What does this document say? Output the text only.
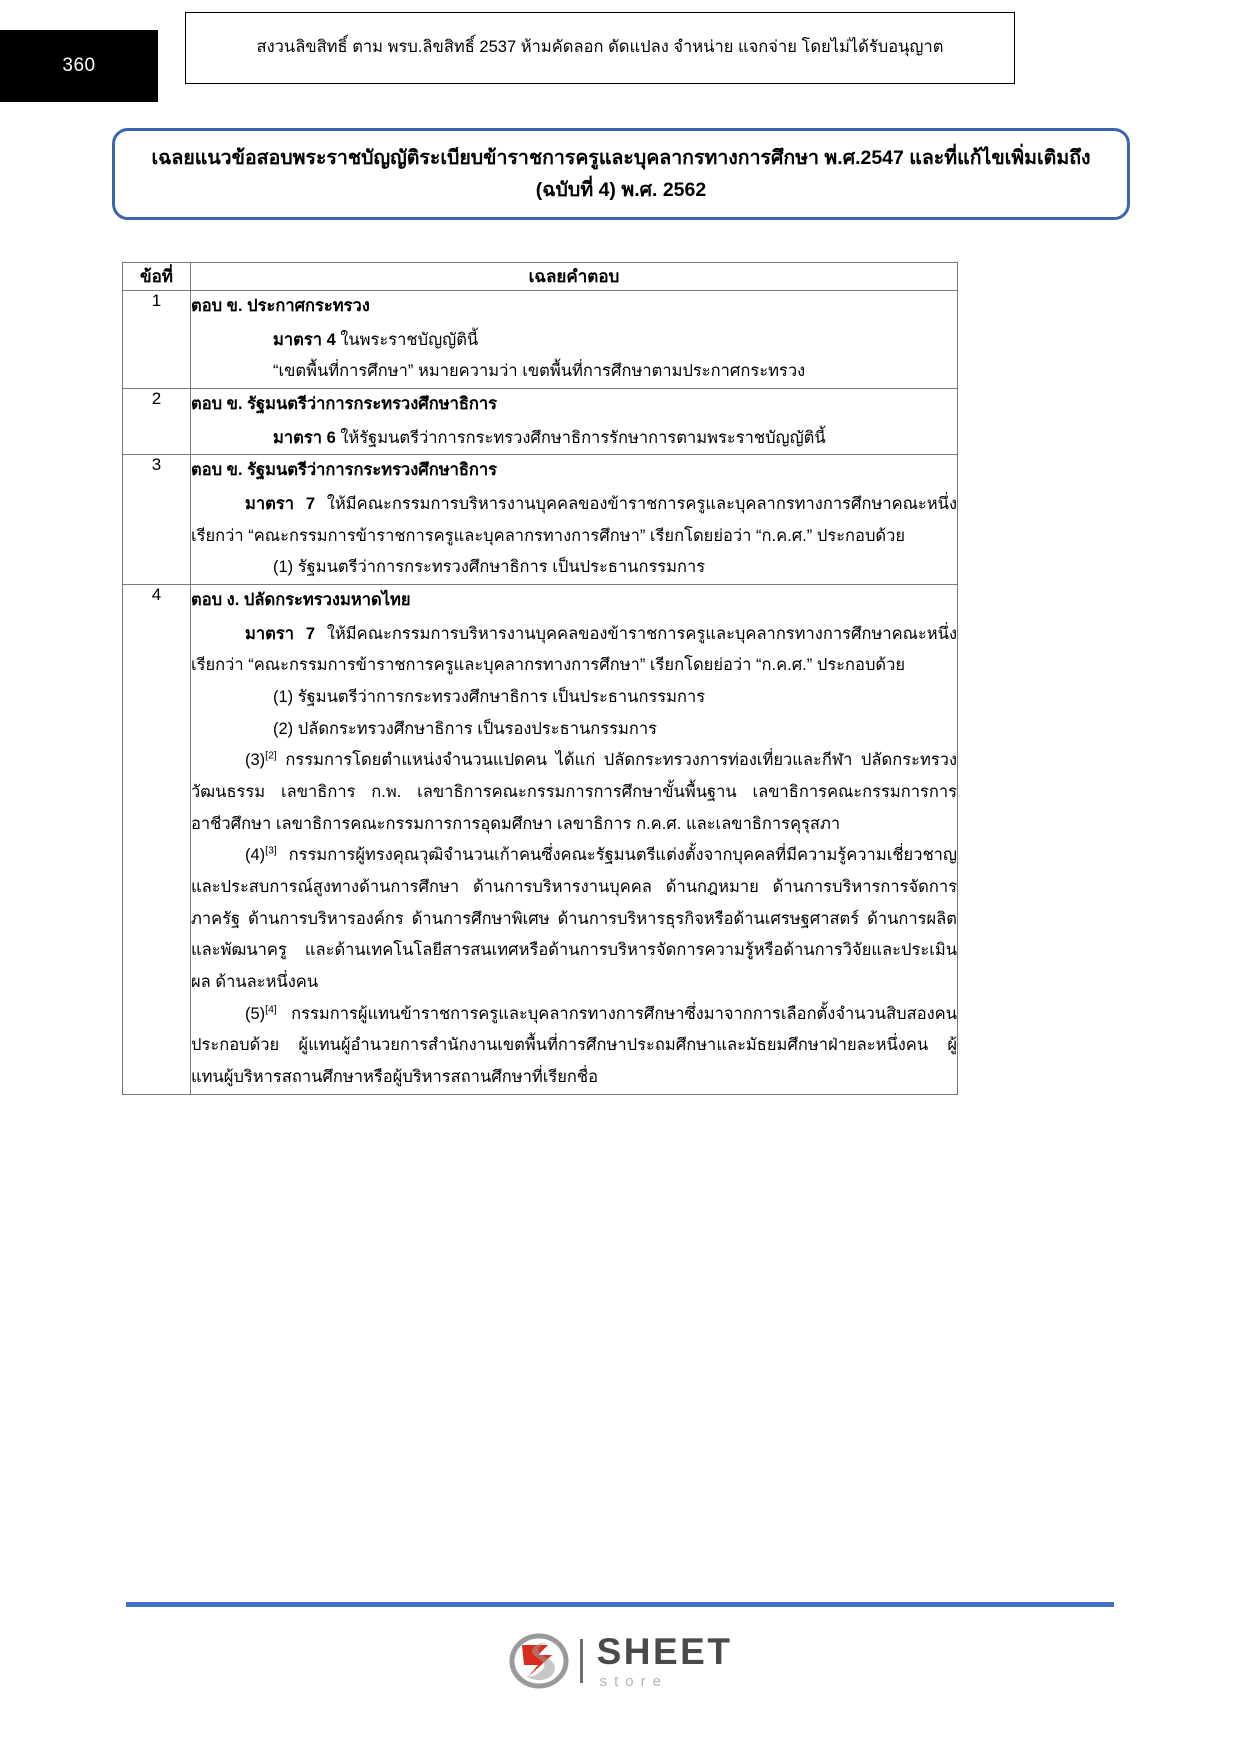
360
สงวนลิขสิทธิ์ ตาม พรบ.ลิขสิทธิ์ 2537 ห้ามคัดลอก ดัดแปลง จำหน่าย แจกจ่าย โดยไม่ได้รับอนุญาต
เฉลยแนวข้อสอบพระราชบัญญัติระเบียบข้าราชการครูและบุคลากรทางการศึกษา พ.ศ.2547 และที่แก้ไขเพิ่มเติมถึง (ฉบับที่ 4) พ.ศ. 2562
ข้อที่	เฉลยคำตอบ
1	ตอบ ข. ประกาศกระทรวง
มาตรา 4 ในพระราชบัญญัตินี้
“เขตพื้นที่การศึกษา” หมายความว่า เขตพื้นที่การศึกษาตามประกาศกระทรวง

2	ตอบ ข. รัฐมนตรีว่าการกระทรวงศึกษาธิการ
มาตรา 6 ให้รัฐมนตรีว่าการกระทรวงศึกษาธิการรักษาการตามพระราชบัญญัตินี้

3	ตอบ ข. รัฐมนตรีว่าการกระทรวงศึกษาธิการ
มาตรา 7 ให้มีคณะกรรมการบริหารงานบุคคลของข้าราชการครูและบุคลากรทางการศึกษาคณะหนึ่ง เรียกว่า “คณะกรรมการข้าราชการครูและบุคลากรทางการศึกษา” เรียกโดยย่อว่า “ก.ค.ศ.” ประกอบด้วย
(1) รัฐมนตรีว่าการกระทรวงศึกษาธิการ เป็นประธานกรรมการ

4	ตอบ ง. ปลัดกระทรวงมหาดไทย
มาตรา 7 ให้มีคณะกรรมการบริหารงานบุคคลของข้าราชการครูและบุคลากรทางการศึกษาคณะหนึ่ง เรียกว่า “คณะกรรมการข้าราชการครูและบุคลากรทางการศึกษา” เรียกโดยย่อว่า “ก.ค.ศ.” ประกอบด้วย
(1) รัฐมนตรีว่าการกระทรวงศึกษาธิการ เป็นประธานกรรมการ
(2) ปลัดกระทรวงศึกษาธิการ เป็นรองประธานกรรมการ
(3)[2] กรรมการโดยตำแหน่งจำนวนแปดคน ได้แก่ ปลัดกระทรวงการท่องเที่ยวและกีฬา ปลัดกระทรวงวัฒนธรรม เลขาธิการ ก.พ. เลขาธิการคณะกรรมการการศึกษาขั้นพื้นฐาน เลขาธิการคณะกรรมการการอาชีวศึกษา เลขาธิการคณะกรรมการการอุดมศึกษา เลขาธิการ ก.ค.ศ. และเลขาธิการคุรุสภา
(4)[3] กรรมการผู้ทรงคุณวุฒิจำนวนเก้าคนซึ่งคณะรัฐมนตรีแต่งตั้งจากบุคคลที่มีความรู้ความเชี่ยวชาญ และประสบการณ์สูงทางด้านการศึกษา ด้านการบริหารงานบุคคล ด้านกฎหมาย ด้านการบริหารการจัดการภาครัฐ ด้านการบริหารองค์กร ด้านการศึกษาพิเศษ ด้านการบริหารธุรกิจหรือด้านเศรษฐศาสตร์ ด้านการผลิตและพัฒนาครู และด้านเทคโนโลยีสารสนเทศหรือด้านการบริหารจัดการความรู้หรือด้านการวิจัยและประเมินผล ด้านละหนึ่งคน
(5)[4] กรรมการผู้แทนข้าราชการครูและบุคลากรทางการศึกษาซึ่งมาจากการเลือกตั้งจำนวนสิบสองคน ประกอบด้วย ผู้แทนผู้อำนวยการสำนักงานเขตพื้นที่การศึกษาประถมศึกษาและมัธยมศึกษาฝ่ายละหนึ่งคน ผู้แทนผู้บริหารสถานศึกษาหรือผู้บริหารสถานศึกษาที่เรียกชื่อ
SHEET
store
